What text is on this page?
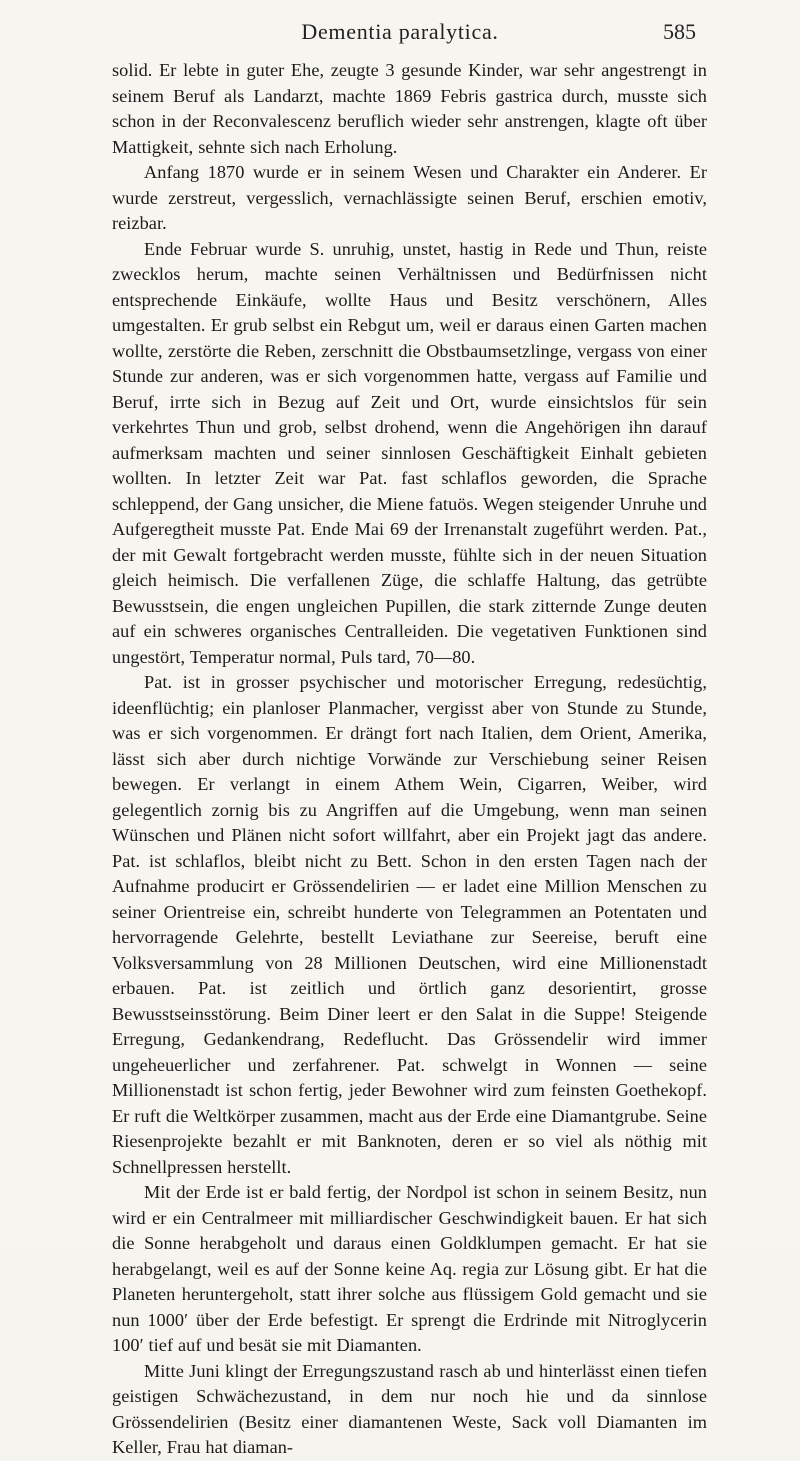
Dementia paralytica.	585

solid. Er lebte in guter Ehe, zeugte 3 gesunde Kinder, war sehr angestrengt in seinem Beruf als Landarzt, machte 1869 Febris gastrica durch, musste sich schon in der Reconvalescenz beruflich wieder sehr anstrengen, klagte oft über Mattigkeit, sehnte sich nach Erholung.

Anfang 1870 wurde er in seinem Wesen und Charakter ein Anderer. Er wurde zerstreut, vergesslich, vernachlässigte seinen Beruf, erschien emotiv, reizbar.

Ende Februar wurde S. unruhig, unstet, hastig in Rede und Thun, reiste zwecklos herum, machte seinen Verhältnissen und Bedürfnissen nicht entsprechende Einkäufe, wollte Haus und Besitz verschönern, Alles umgestalten. Er grub selbst ein Rebgut um, weil er daraus einen Garten machen wollte, zerstörte die Reben, zerschnitt die Obstbaumsetzlinge, vergass von einer Stunde zur anderen, was er sich vorgenommen hatte, vergass auf Familie und Beruf, irrte sich in Bezug auf Zeit und Ort, wurde einsichtslos für sein verkehrtes Thun und grob, selbst drohend, wenn die Angehörigen ihn darauf aufmerksam machten und seiner sinnlosen Geschäftigkeit Einhalt gebieten wollten. In letzter Zeit war Pat. fast schlaflos geworden, die Sprache schleppend, der Gang unsicher, die Miene fatuös. Wegen steigender Unruhe und Aufgeregtheit musste Pat. Ende Mai 69 der Irrenanstalt zugeführt werden. Pat., der mit Gewalt fortgebracht werden musste, fühlte sich in der neuen Situation gleich heimisch. Die verfallenen Züge, die schlaffe Haltung, das getrübte Bewusstsein, die engen ungleichen Pupillen, die stark zitternde Zunge deuten auf ein schweres organisches Centralleiden. Die vegetativen Funktionen sind ungestört, Temperatur normal, Puls tard, 70—80.

Pat. ist in grosser psychischer und motorischer Erregung, redesüchtig, ideenflüchtig; ein planloser Planmacher, vergisst aber von Stunde zu Stunde, was er sich vorgenommen. Er drängt fort nach Italien, dem Orient, Amerika, lässt sich aber durch nichtige Vorwände zur Verschiebung seiner Reisen bewegen. Er verlangt in einem Athem Wein, Cigarren, Weiber, wird gelegentlich zornig bis zu Angriffen auf die Umgebung, wenn man seinen Wünschen und Plänen nicht sofort willfahrt, aber ein Projekt jagt das andere. Pat. ist schlaflos, bleibt nicht zu Bett. Schon in den ersten Tagen nach der Aufnahme producirt er Grössendelirien — er ladet eine Million Menschen zu seiner Orientreise ein, schreibt hunderte von Telegrammen an Potentaten und hervorragende Gelehrte, bestellt Leviathane zur Seereise, beruft eine Volksversammlung von 28 Millionen Deutschen, wird eine Millionenstadt erbauen. Pat. ist zeitlich und örtlich ganz desorientirt, grosse Bewusstseinsstörung. Beim Diner leert er den Salat in die Suppe! Steigende Erregung, Gedankendrang, Redeflucht. Das Grössendelir wird immer ungeheuerlicher und zerfahrener. Pat. schwelgt in Wonnen — seine Millionenstadt ist schon fertig, jeder Bewohner wird zum feinsten Goethekopf. Er ruft die Weltkörper zusammen, macht aus der Erde eine Diamantgrube. Seine Riesenprojekte bezahlt er mit Banknoten, deren er so viel als nöthig mit Schnellpressen herstellt.

Mit der Erde ist er bald fertig, der Nordpol ist schon in seinem Besitz, nun wird er ein Centralmeer mit milliardischer Geschwindigkeit bauen. Er hat sich die Sonne herabgeholt und daraus einen Goldklumpen gemacht. Er hat sie herabgelangt, weil es auf der Sonne keine Aq. regia zur Lösung gibt. Er hat die Planeten heruntergeholt, statt ihrer solche aus flüssigem Gold gemacht und sie nun 1000′ über der Erde befestigt. Er sprengt die Erdrinde mit Nitroglycerin 100′ tief auf und besät sie mit Diamanten.

Mitte Juni klingt der Erregungszustand rasch ab und hinterlässt einen tiefen geistigen Schwächezustand, in dem nur noch hie und da sinnlose Grössendelirien (Besitz einer diamantenen Weste, Sack voll Diamanten im Keller, Frau hat diaman-
